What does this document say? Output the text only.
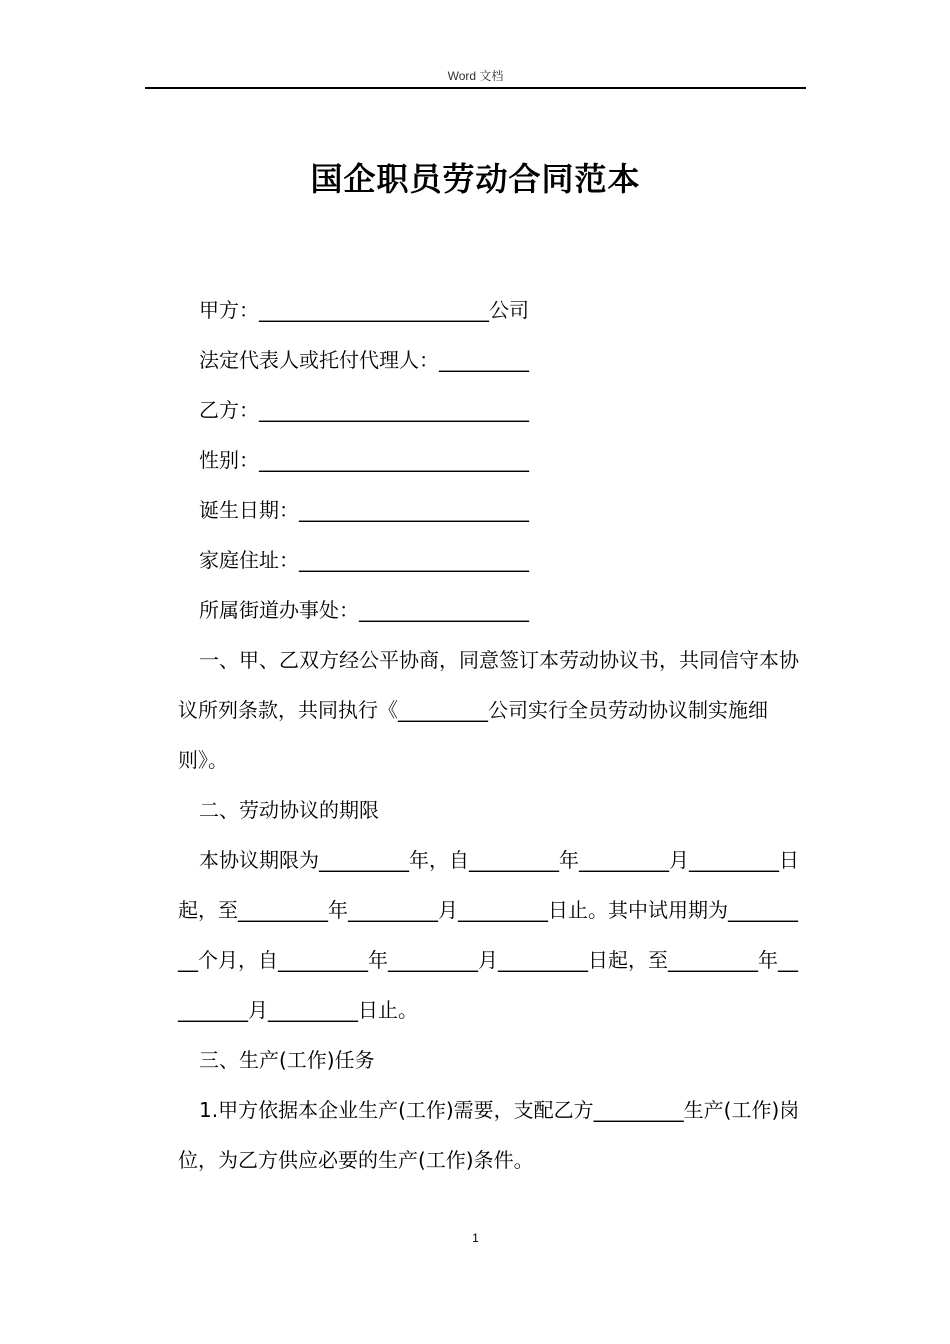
Word 文档
国企职员劳动合同范本

甲方：_______________________公司

法定代表人或托付代理人：_________

乙方：___________________________

性别：___________________________

诞生日期：_______________________

家庭住址：_______________________

所属街道办事处：_________________

一、甲、乙双方经公平协商，同意签订本劳动协议书，共同信守本协议所列条款，共同执行《_________公司实行全员劳动协议制实施细则》。

二、劳动协议的期限

本协议期限为_________年，自_________年_________月_________日起，至_________年_________月_________日止。其中试用期为_________个月，自_________年_________月_________日起，至_________年_________月_________日止。

三、生产(工作)任务

1.甲方依据本企业生产(工作)需要，支配乙方_________生产(工作)岗位，为乙方供应必要的生产(工作)条件。

1
